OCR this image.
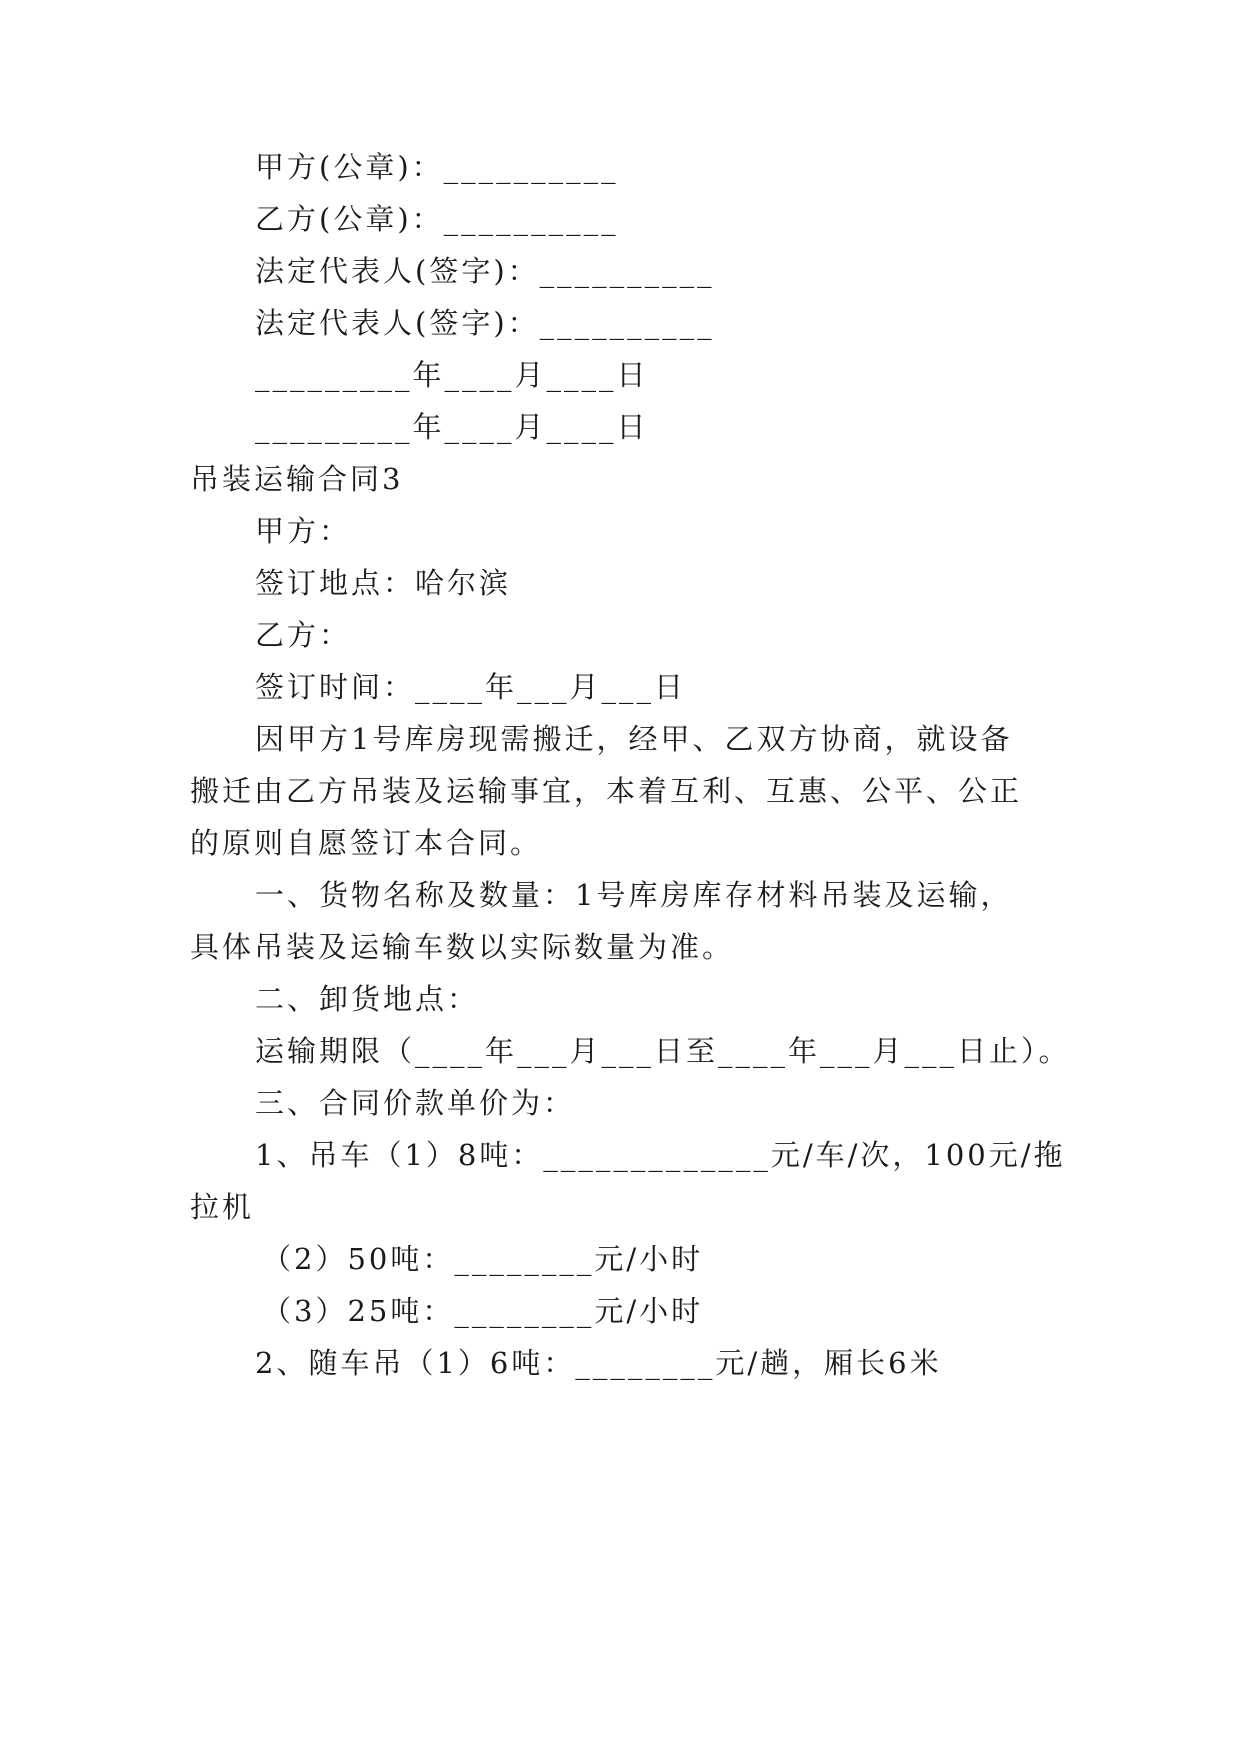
甲方(公章)：__________
乙方(公章)：__________
法定代表人(签字)：__________
法定代表人(签字)：__________
_________年____月____日
_________年____月____日
吊装运输合同3
甲方：
签订地点：哈尔滨
乙方：
签订时间：____年___月___日
因甲方1号库房现需搬迁，经甲、乙双方协商，就设备
搬迁由乙方吊装及运输事宜，本着互利、互惠、公平、公正
的原则自愿签订本合同。
一、货物名称及数量：1号库房库存材料吊装及运输，
具体吊装及运输车数以实际数量为准。
二、卸货地点：
运输期限（____年___月___日至____年___月___日止）。
三、合同价款单价为：
1、吊车（1）8吨：_____________元/车/次，100元/拖
拉机
（2）50吨：________元/小时
（3）25吨：________元/小时
2、随车吊（1）6吨：________元/趟，厢长6米
